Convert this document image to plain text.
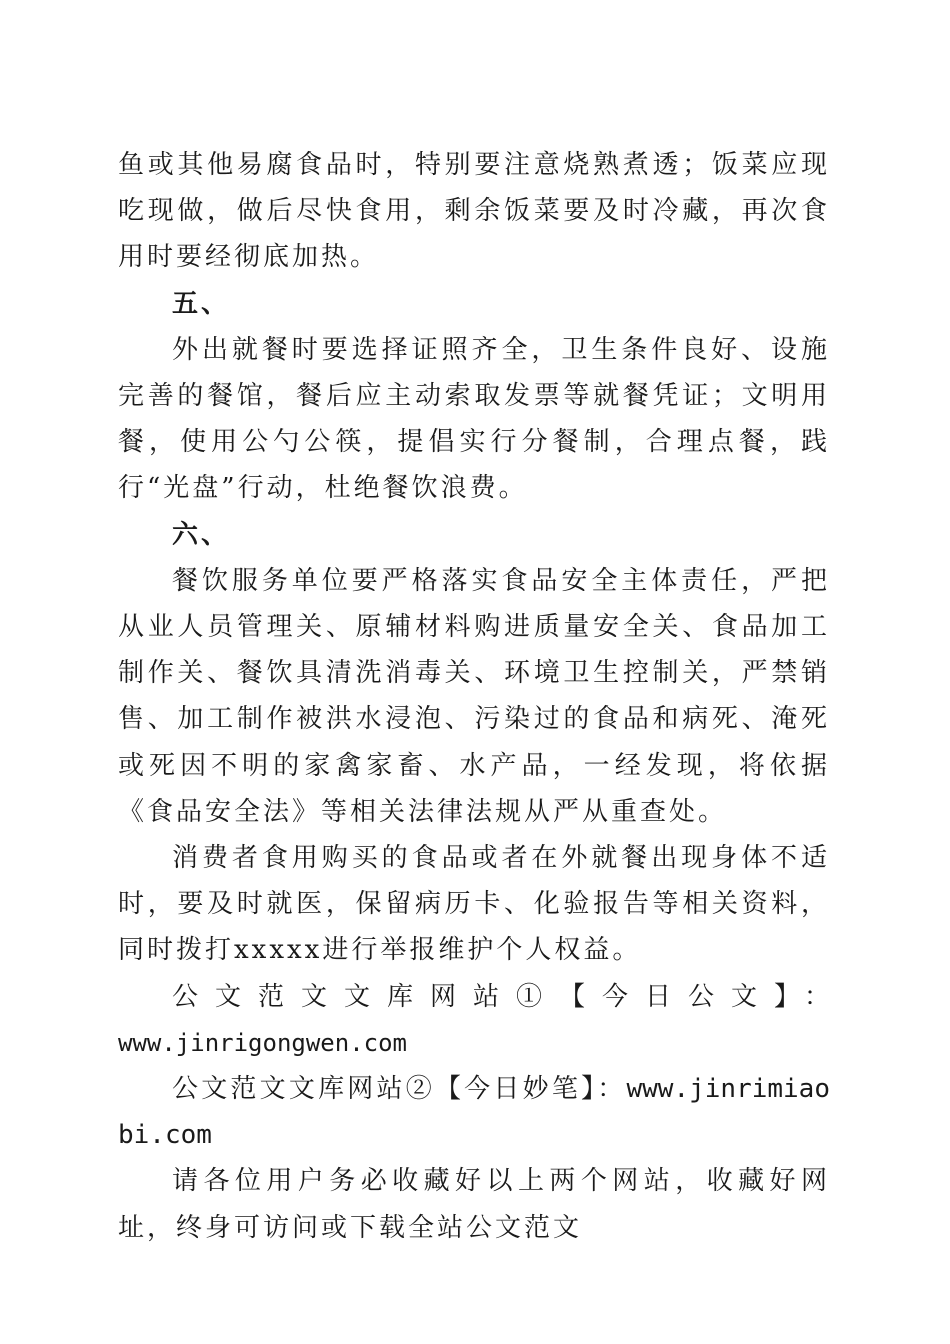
鱼或其他易腐食品时，特别要注意烧熟煮透；饭菜应现吃现做，做后尽快食用，剩余饭菜要及时冷藏，再次食用时要经彻底加热。

五、

外出就餐时要选择证照齐全，卫生条件良好、设施完善的餐馆，餐后应主动索取发票等就餐凭证；文明用餐，使用公勺公筷，提倡实行分餐制，合理点餐，践行“光盘”行动，杜绝餐饮浪费。

六、

餐饮服务单位要严格落实食品安全主体责任，严把从业人员管理关、原辅材料购进质量安全关、食品加工制作关、餐饮具清洗消毒关、环境卫生控制关，严禁销售、加工制作被洪水浸泡、污染过的食品和病死、淹死或死因不明的家禽家畜、水产品，一经发现，将依据《食品安全法》等相关法律法规从严从重查处。

消费者食用购买的食品或者在外就餐出现身体不适时，要及时就医，保留病历卡、化验报告等相关资料，同时拨打xxxxx进行举报维护个人权益。

公文范文文库网站①【今日公文】：

www.jinrigongwen.com

公文范文文库网站②【今日妙笔】：www.jinrimiaobi.com

请各位用户务必收藏好以上两个网站，收藏好网址，终身可访问或下载全站公文范文
